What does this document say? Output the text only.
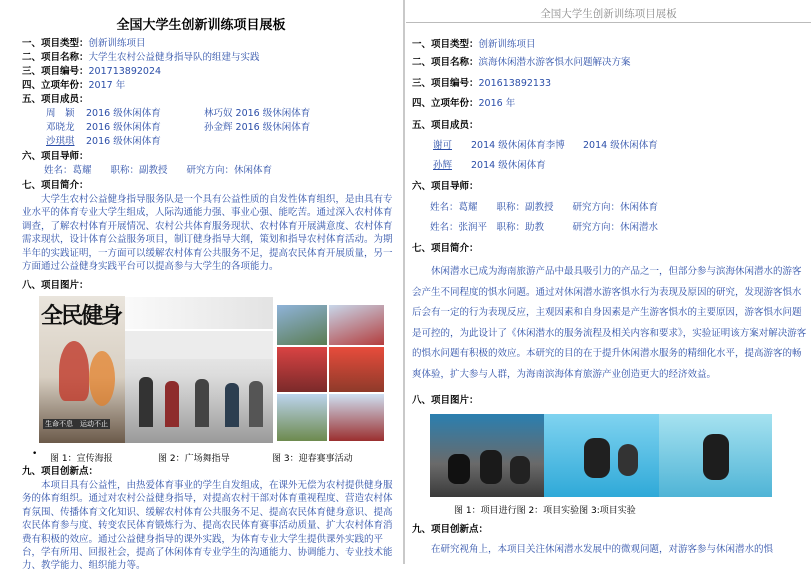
全国大学生创新训练项目展板
一、项目类型：创新训练项目
二、项目名称：大学生农村公益健身指导队的组建与实践
三、项目编号：201713892024
四、立项年份：2017 年
五、项目成员：
周　颖 2016 级休闲体育	林巧奴 2016 级休闲体育
邓晓龙 2016 级休闲体育	孙金辉 2016 级休闲体育
沙琪琪 2016 级休闲体育
六、项目导师：
姓名：葛耀　　职称：副教授　　研究方向：休闲体育
七、项目简介：
大学生农村公益健身指导服务队是一个具有公益性质的自发性体育组织，是由具有专业水平的体育专业大学生组成，人际沟通能力强、事业心强、能吃苦。通过深入农村体育调查，了解农村体育开展情况、农村公共体育服务现状、农村体育开展满意度、农村体育需求现状，设计体育公益服务项目，制订健身指导大纲，策划和指导农村体育活动。为期半年的实践证明，一方面可以缓解农村体育公共服务不足，提高农民体育开展质量，另一方面通过公益健身实践平台可以提高参与大学生的各项能力。
八、项目图片：
全民健身
生命不息　运动不止
• 图 1：宣传海报	图 2：广场舞指导	图 3：迎春赛事活动
九、项目创新点：
本项目具有公益性，由热爱体育事业的学生自发组成，在课外无偿为农村提供健身服务的体育组织。通过对农村公益健身指导，对提高农村干部对体育重视程度、营造农村体育氛围、传播体育文化知识、缓解农村体育公共服务不足、提高农民体育健身意识、提高农民体育参与度、转变农民体育锻炼行为、提高农民体育赛事活动质量、扩大农村体育消费有积极的效应。通过公益健身指导的课外实践，为体育专业大学生提供课外实践的平台，学有所用、回报社会，提高了休闲体育专业学生的沟通能力、协调能力、专业技术能力、教学能力、组织能力等。
全国大学生创新训练项目展板
一、项目类型：创新训练项目
二、项目名称：滨海休闲潜水游客惧水问题解决方案
三、项目编号：201613892133
四、立项年份：2016 年
五、项目成员：
谢可 2014 级休闲体育李博 2014 级休闲体育
孙辉 2014 级休闲体育
六、项目导师：
姓名：葛耀　　职称：副教授　　研究方向：休闲体育
姓名：张润平　职称：助教　　　研究方向：休闲潜水
七、项目简介：
休闲潜水已成为海南旅游产品中最具吸引力的产品之一，但部分参与滨海休闲潜水的游客会产生不同程度的惧水问题。通过对休闲潜水游客惧水行为表现及原因的研究，发现游客惧水后会有一定的行为表现反应，主观因素和自身因素是产生游客惧水的主要原因，游客惧水问题是可控的，为此设计了《休闲潜水的服务流程及相关内容和要求》，实验证明该方案对解决游客的惧水问题有积极的效应。本研究的目的在于提升休闲潜水服务的精细化水平，提高游客的畅爽体验，扩大参与人群，为海南滨海体育旅游产业创造更大的经济效益。
八、项目图片：
图 1：项目进行图 2：项目实验图 3:项目实验
九、项目创新点：
在研究视角上，本项目关注休闲潜水发展中的微观问题，对游客参与休闲潜水的惧
